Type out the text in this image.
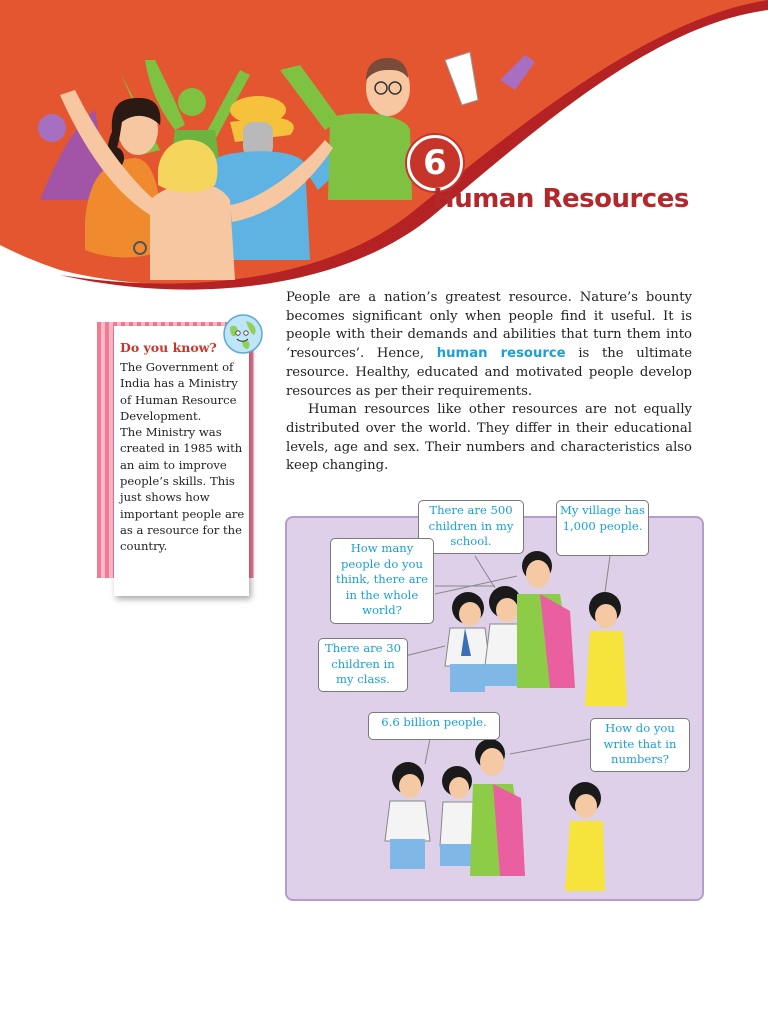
6
Human Resources

People are a nation’s greatest resource. Nature’s bounty becomes significant only when people find it useful. It is people with their demands and abilities that turn them into ‘resources’. Hence, human resource is the ultimate resource. Healthy, educated and motivated people develop resources as per their requirements.

Human resources like other resources are not equally distributed over the world. They differ in their educational levels, age and sex. Their numbers and characteristics also keep changing.

Do you know?
The Government of India has a Ministry of Human Resource Development.
The Ministry was created in 1985 with an aim to improve people’s skills. This just shows how important people are as a resource for the country.
There are 500 children in my school.
My village has 1,000 people.
How many people do you think, there are in the whole world?
There are 30 children in my class.
6.6 billion people.	How do you write that in numbers?
